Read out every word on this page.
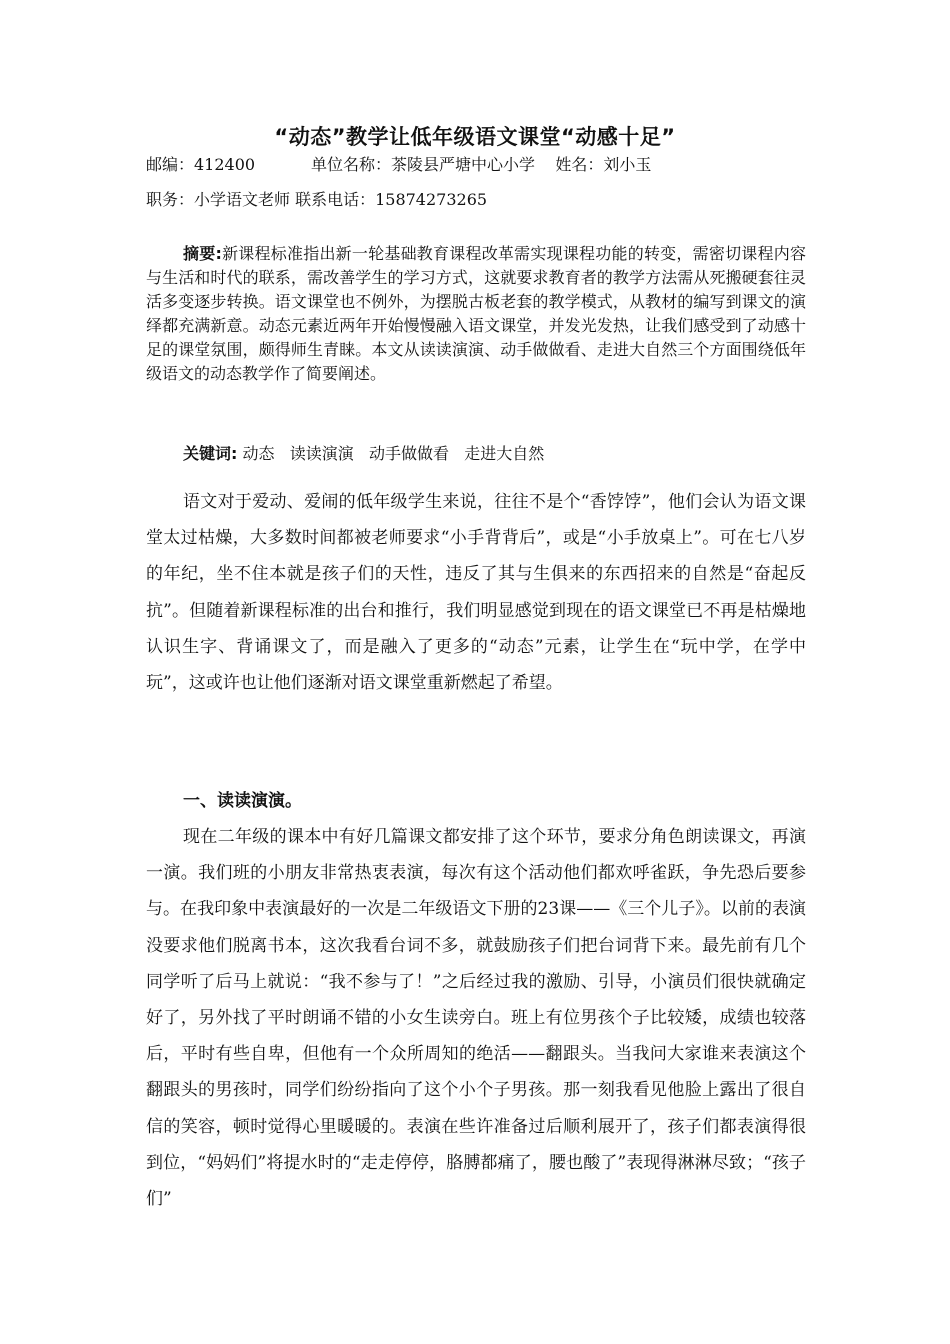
“动态”教学让低年级语文课堂“动感十足”
邮编：412400           单位名称：茶陵县严塘中心小学    姓名：刘小玉
职务：小学语文老师 联系电话：15874273265
摘要:新课程标准指出新一轮基础教育课程改革需实现课程功能的转变，需密切课程内容与生活和时代的联系，需改善学生的学习方式，这就要求教育者的教学方法需从死搬硬套往灵活多变逐步转换。语文课堂也不例外，为摆脱古板老套的教学模式，从教材的编写到课文的演绎都充满新意。动态元素近两年开始慢慢融入语文课堂，并发光发热，让我们感受到了动感十足的课堂氛围，颇得师生青睐。本文从读读演演、动手做做看、走进大自然三个方面围绕低年级语文的动态教学作了简要阐述。
关键词: 动态   读读演演   动手做做看   走进大自然
语文对于爱动、爱闹的低年级学生来说，往往不是个“香饽饽”，他们会认为语文课堂太过枯燥，大多数时间都被老师要求“小手背背后”，或是“小手放桌上”。可在七八岁的年纪，坐不住本就是孩子们的天性，违反了其与生俱来的东西招来的自然是“奋起反抗”。但随着新课程标准的出台和推行，我们明显感觉到现在的语文课堂已不再是枯燥地认识生字、背诵课文了，而是融入了更多的“动态”元素，让学生在“玩中学，在学中玩”，这或许也让他们逐渐对语文课堂重新燃起了希望。
一、读读演演。
现在二年级的课本中有好几篇课文都安排了这个环节，要求分角色朗读课文，再演一演。我们班的小朋友非常热衷表演，每次有这个活动他们都欢呼雀跃，争先恐后要参与。在我印象中表演最好的一次是二年级语文下册的23课——《三个儿子》。以前的表演没要求他们脱离书本，这次我看台词不多，就鼓励孩子们把台词背下来。最先前有几个同学听了后马上就说：“我不参与了！”之后经过我的激励、引导，小演员们很快就确定好了，另外找了平时朗诵不错的小女生读旁白。班上有位男孩个子比较矮，成绩也较落后，平时有些自卑，但他有一个众所周知的绝活——翻跟头。当我问大家谁来表演这个翻跟头的男孩时，同学们纷纷指向了这个小个子男孩。那一刻我看见他脸上露出了很自信的笑容，顿时觉得心里暖暖的。表演在些许准备过后顺利展开了，孩子们都表演得很到位，“妈妈们”将提水时的“走走停停，胳膊都痛了，腰也酸了”表现得淋淋尽致；“孩子们”
